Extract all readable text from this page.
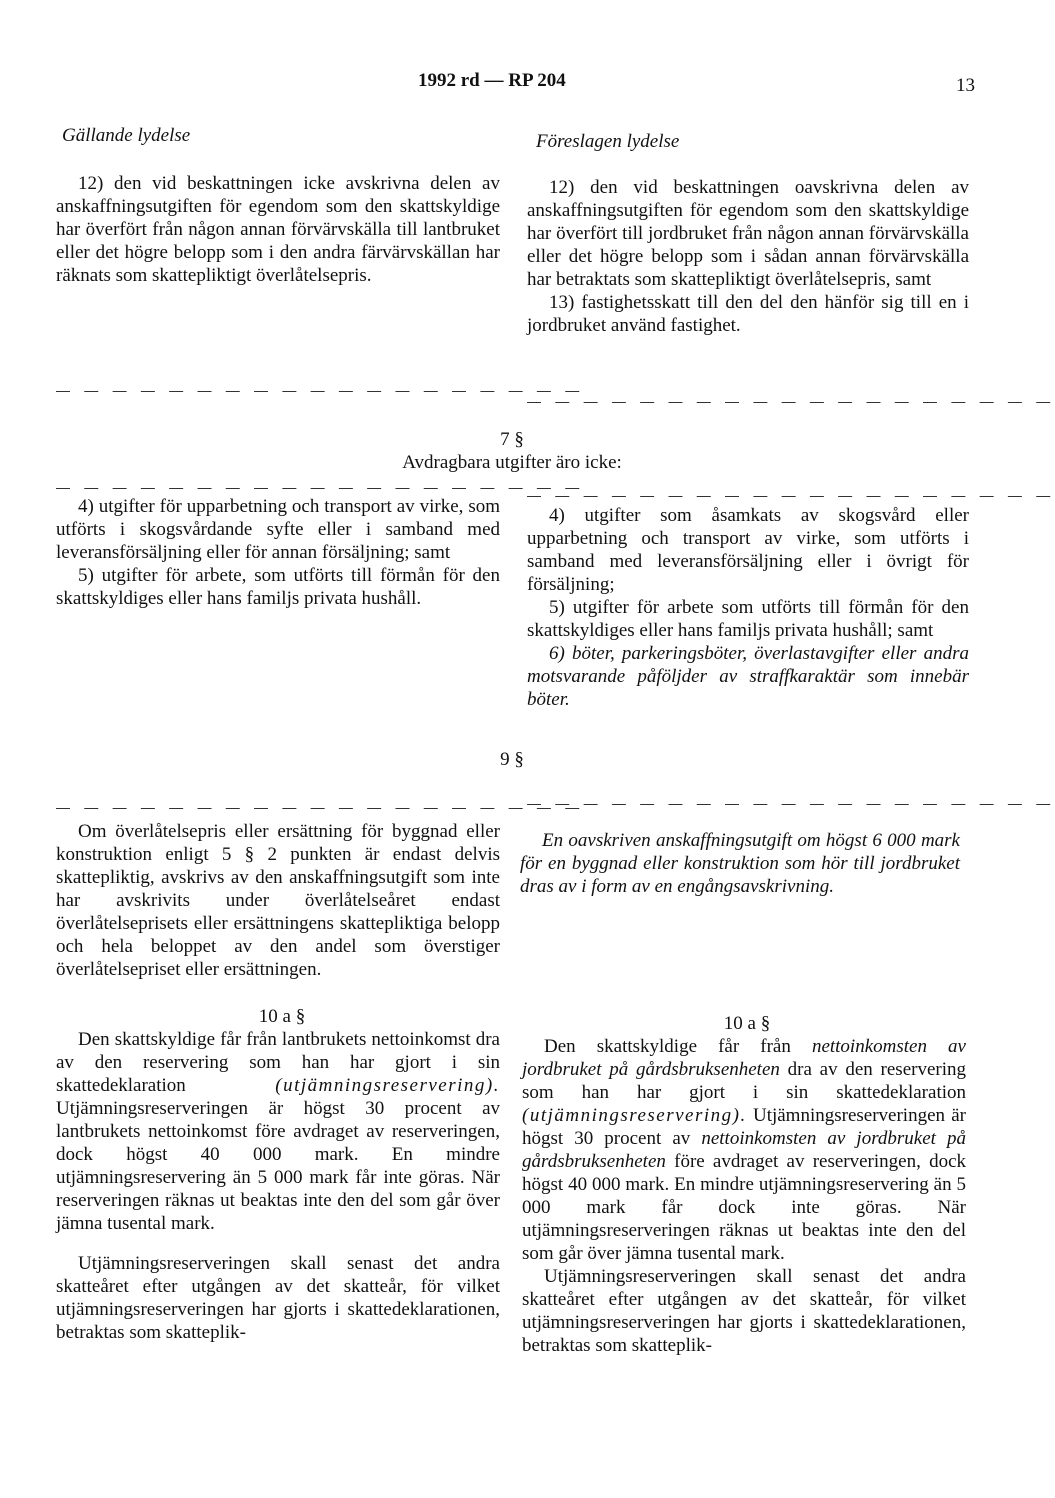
1992 rd — RP 204	13
Gällande lydelse	Föreslagen lydelse

12) den vid beskattningen icke avskrivna delen av anskaffningsutgiften för egendom som den skattskyldige har överfört från någon annan förvärvskälla till lantbruket eller det högre belopp som i den andra färvärvskällan har räknats som skattepliktigt överlåtelsepris.

12) den vid beskattningen oavskrivna delen av anskaffningsutgiften för egendom som den skattskyldige har överfört till jordbruket från någon annan förvärvskälla eller det högre belopp som i sådan annan förvärvskälla har betraktats som skattepliktigt överlåtelsepris, samt

13) fastighetsskatt till den del den hänför sig till en i jordbruket använd fastighet.

— — — — — — — — — — — — — — — — — — —
— — — — — — — — — — — — — — — — — — —
7 §
Avdragbara utgifter äro icke:
— — — — — — — — — — — — — — — — — — —
— — — — — — — — — — — — — — — — — — —

4) utgifter för upparbetning och transport av virke, som utförts i skogsvårdande syfte eller i samband med leveransförsäljning eller för annan försäljning; samt

5) utgifter för arbete, som utförts till förmån för den skattskyldiges eller hans familjs privata hushåll.

4) utgifter som åsamkats av skogsvård eller upparbetning och transport av virke, som utförts i samband med leveransförsäljning eller i övrigt för försäljning;

5) utgifter för arbete som utförts till förmån för den skattskyldiges eller hans familjs privata hushåll; samt

6) böter, parkeringsböter, överlastavgifter eller andra motsvarande påföljder av straffkaraktär som innebär böter.

9 §
— — — — — — — — — — — — — — — — — — —
— — — — — — — — — — — — — — — — — — —

Om överlåtelsepris eller ersättning för byggnad eller konstruktion enligt 5 § 2 punkten är endast delvis skattepliktig, avskrivs av den anskaffningsutgift som inte har avskrivits under överlåtelseåret endast överlåtelseprisets eller ersättningens skattepliktiga belopp och hela beloppet av den andel som överstiger överlåtelsepriset eller ersättningen.

En oavskriven anskaffningsutgift om högst 6 000 mark för en byggnad eller konstruktion som hör till jordbruket dras av i form av en engångsavskrivning.

10 a §	10 a §

Den skattskyldige får från lantbrukets nettoinkomst dra av den reservering som han har gjort i sin skattedeklaration (utjämningsreservering). Utjämningsreserveringen är högst 30 procent av lantbrukets nettoinkomst före avdraget av reserveringen, dock högst 40 000 mark. En mindre utjämningsreservering än 5 000 mark får inte göras. När reserveringen räknas ut beaktas inte den del som går över jämna tusental mark.

Utjämningsreserveringen skall senast det andra skatteåret efter utgången av det skatteår, för vilket utjämningsreserveringen har gjorts i skattedeklarationen, betraktas som skatteplik-

Den skattskyldige får från nettoinkomsten av jordbruket på gårdsbruksenheten dra av den reservering som han har gjort i sin skattedeklaration (utjämningsreservering). Utjämningsreserveringen är högst 30 procent av nettoinkomsten av jordbruket på gårdsbruksenheten före avdraget av reserveringen, dock högst 40 000 mark. En mindre utjämningsreservering än 5 000 mark får dock inte göras. När utjämningsreserveringen räknas ut beaktas inte den del som går över jämna tusental mark.

Utjämningsreserveringen skall senast det andra skatteåret efter utgången av det skatteår, för vilket utjämningsreserveringen har gjorts i skattedeklarationen, betraktas som skatteplik-
